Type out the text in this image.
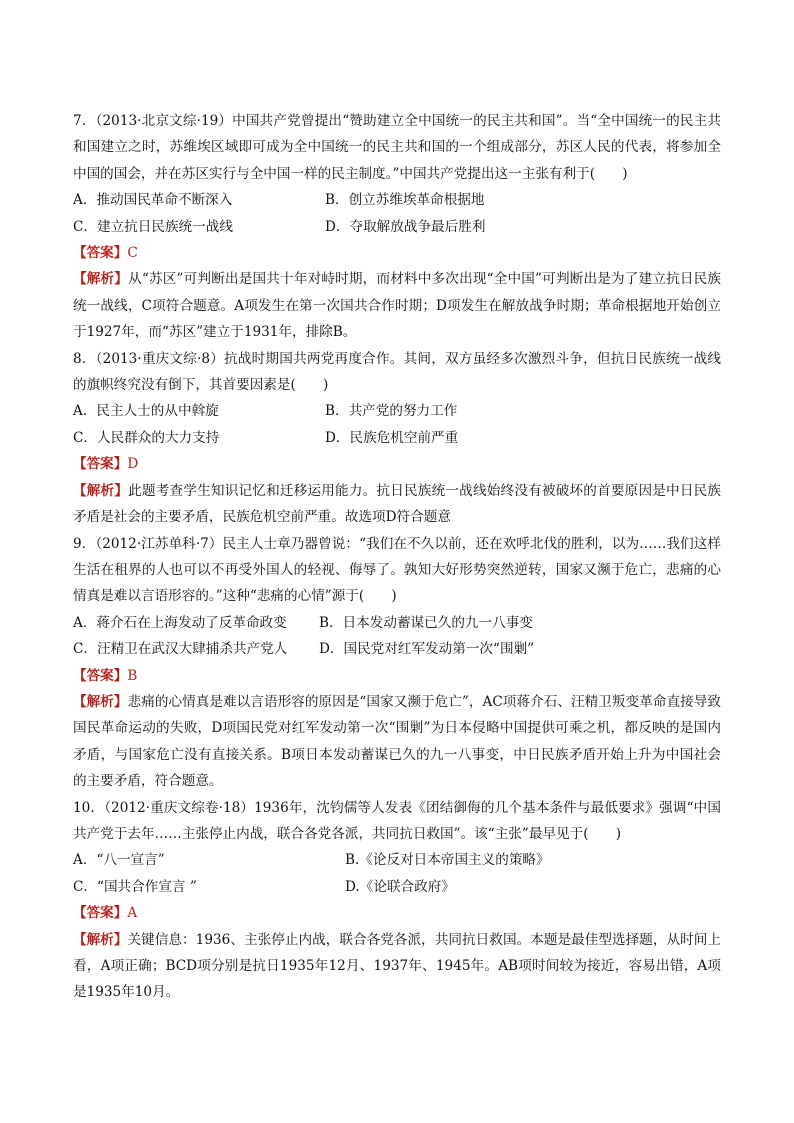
7．（2013·北京文综·19）中国共产党曾提出“赞助建立全中国统一的民主共和国”。当“全中国统一的民主共和国建立之时，苏维埃区域即可成为全中国统一的民主共和国的一个组成部分，苏区人民的代表，将参加全中国的国会，并在苏区实行与全中国一样的民主制度。”中国共产党提出这一主张有利于(　　)

A．推动国民革命不断深入	B．创立苏维埃革命根据地
C．建立抗日民族统一战线	D．夺取解放战争最后胜利

【答案】C

【解析】从“苏区”可判断出是国共十年对峙时期，而材料中多次出现“全中国”可判断出是为了建立抗日民族统一战线，C项符合题意。A项发生在第一次国共合作时期；D项发生在解放战争时期；革命根据地开始创立于1927年，而“苏区”建立于1931年，排除B。

8．（2013·重庆文综·8）抗战时期国共两党再度合作。其间，双方虽经多次激烈斗争，但抗日民族统一战线的旗帜终究没有倒下，其首要因素是(　　)

A．民主人士的从中斡旋	B．共产党的努力工作
C．人民群众的大力支持	D．民族危机空前严重

【答案】D

【解析】此题考查学生知识记忆和迁移运用能力。抗日民族统一战线始终没有被破坏的首要原因是中日民族矛盾是社会的主要矛盾，民族危机空前严重。故选项D符合题意

9．（2012·江苏单科·7）民主人士章乃器曾说：“我们在不久以前，还在欢呼北伐的胜利，以为……我们这样生活在租界的人也可以不再受外国人的轻视、侮辱了。孰知大好形势突然逆转，国家又濒于危亡，悲痛的心情真是难以言语形容的。”这种“悲痛的心情”源于(　　)

A．蒋介石在上海发动了反革命政变	B．日本发动蓄谋已久的九一八事变
C．汪精卫在武汉大肆捕杀共产党人	D．国民党对红军发动第一次“围剿”

【答案】B

【解析】悲痛的心情真是难以言语形容的原因是“国家又濒于危亡”，AC项蒋介石、汪精卫叛变革命直接导致国民革命运动的失败，D项国民党对红军发动第一次“围剿”为日本侵略中国提供可乘之机，都反映的是国内矛盾，与国家危亡没有直接关系。B项日本发动蓄谋已久的九一八事变，中日民族矛盾开始上升为中国社会的主要矛盾，符合题意。

10．（2012·重庆文综卷·18）1936年，沈钧儒等人发表《团结御侮的几个基本条件与最低要求》强调“中国共产党于去年……主张停止内战，联合各党各派，共同抗日救国”。该“主张”最早见于(　　)

A．“八一宣言”	B.《论反对日本帝国主义的策略》
C．“国共合作宣言 ”	D.《论联合政府》

【答案】A

【解析】关键信息：1936、主张停止内战，联合各党各派，共同抗日救国。本题是最佳型选择题，从时间上看，A项正确；BCD项分别是抗日1935年12月、1937年、1945年。AB项时间较为接近，容易出错，A项是1935年10月。
